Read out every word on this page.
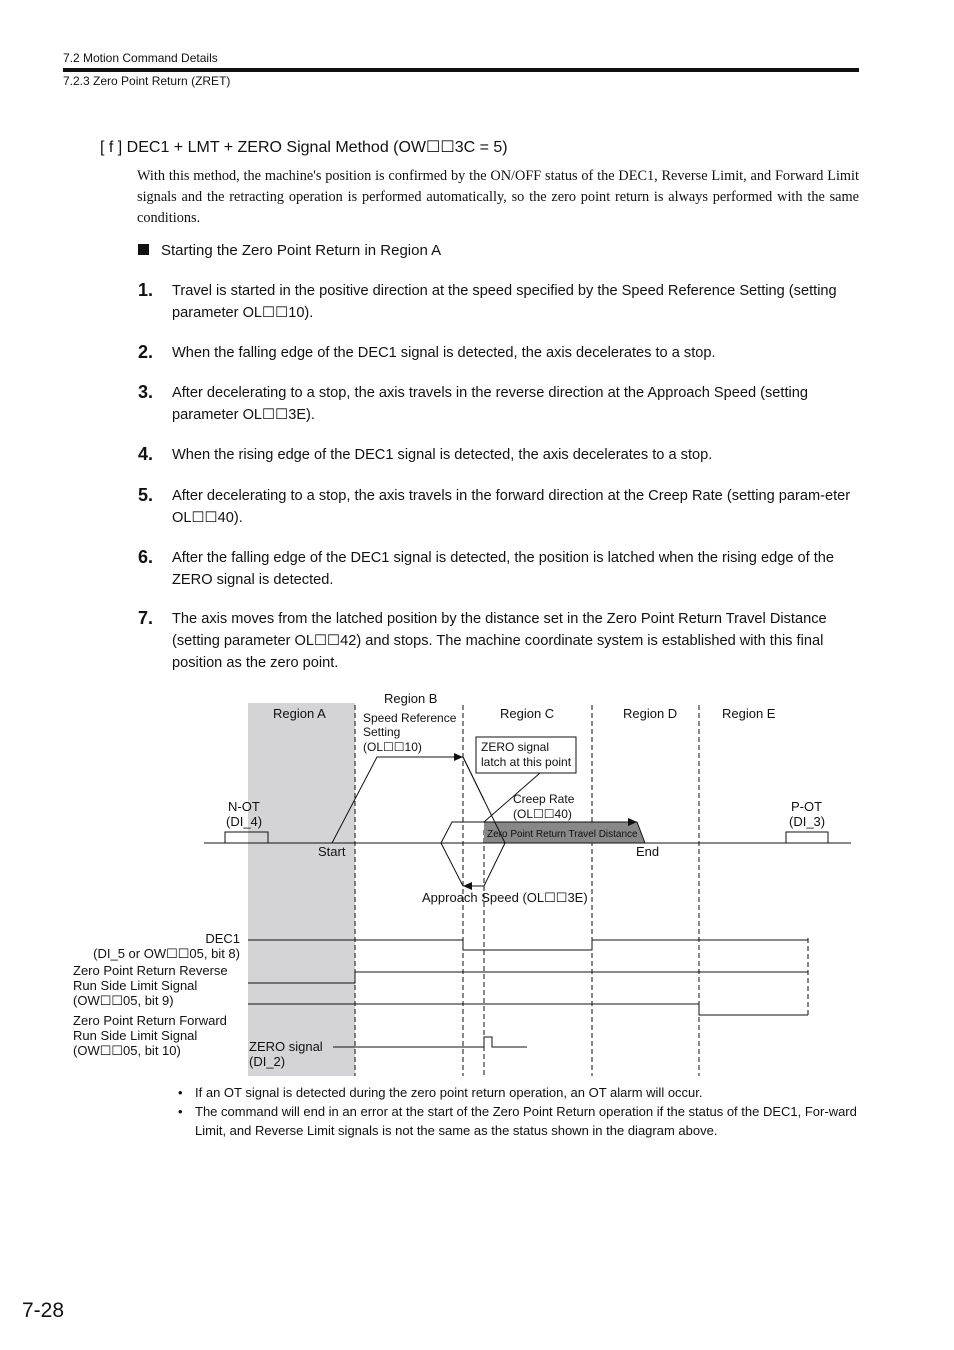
7.2 Motion Command Details
7.2.3 Zero Point Return (ZRET)
[ f ] DEC1 + LMT + ZERO Signal Method (OW☐☐3C = 5)
With this method, the machine's position is confirmed by the ON/OFF status of the DEC1, Reverse Limit, and Forward Limit signals and the retracting operation is performed automatically, so the zero point return is always performed with the same conditions.
Starting the Zero Point Return in Region A
1. Travel is started in the positive direction at the speed specified by the Speed Reference Setting (setting parameter OL☐☐10).
2. When the falling edge of the DEC1 signal is detected, the axis decelerates to a stop.
3. After decelerating to a stop, the axis travels in the reverse direction at the Approach Speed (setting parameter OL☐☐3E).
4. When the rising edge of the DEC1 signal is detected, the axis decelerates to a stop.
5. After decelerating to a stop, the axis travels in the forward direction at the Creep Rate (setting param-eter OL☐☐40).
6. After the falling edge of the DEC1 signal is detected, the position is latched when the rising edge of the ZERO signal is detected.
7. The axis moves from the latched position by the distance set in the Zero Point Return Travel Distance (setting parameter OL☐☐42) and stops. The machine coordinate system is established with this final position as the zero point.
Region A
Region B
Region C	Region D	Region E
Speed Reference
Setting
(OL☐☐10)	ZERO signal
latch at this point
Creep Rate
(OL☐☐40)
Zero Point Return Travel Distance
N-OT
(DI_4)
P-OT
(DI_3)
Start	End
Approach Speed (OL☐☐3E)
DEC1
(DI_5 or OW☐☐05, bit 8)
Zero Point Return Reverse
Run Side Limit Signal
(OW☐☐05, bit 9)
Zero Point Return Forward
Run Side Limit Signal
(OW☐☐05, bit 10)	ZERO signal
(DI_2)
• If an OT signal is detected during the zero point return operation, an OT alarm will occur.
• The command will end in an error at the start of the Zero Point Return operation if the status of the DEC1, For-ward Limit, and Reverse Limit signals is not the same as the status shown in the diagram above.
7-28
